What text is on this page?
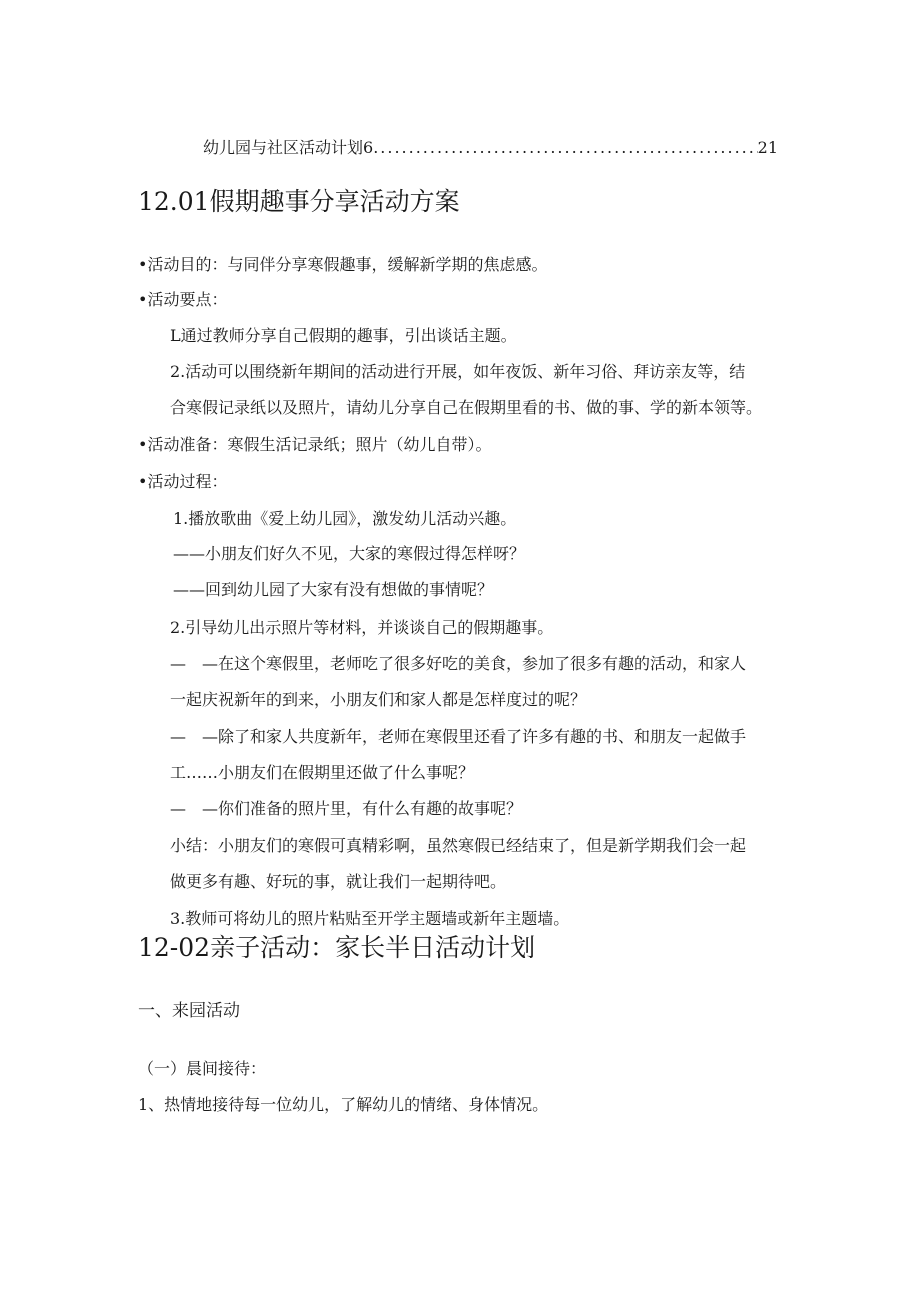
幼儿园与社区活动计划6
.....	21
12.01假期趣事分享活动方案
•活动目的：与同伴分享寒假趣事，缓解新学期的焦虑感。
•活动要点：
L通过教师分享自己假期的趣事，引出谈话主题。
2.活动可以围绕新年期间的活动进行开展，如年夜饭、新年习俗、拜访亲友等，结
合寒假记录纸以及照片，请幼儿分享自己在假期里看的书、做的事、学的新本领等。
•活动准备：寒假生活记录纸；照片（幼儿自带）。
•活动过程：
1.播放歌曲《爱上幼儿园》，激发幼儿活动兴趣。
——小朋友们好久不见，大家的寒假过得怎样呀？
——回到幼儿园了大家有没有想做的事情呢？
2.引导幼儿出示照片等材料，并谈谈自己的假期趣事。
—　—在这个寒假里，老师吃了很多好吃的美食，参加了很多有趣的活动，和家人
一起庆祝新年的到来，小朋友们和家人都是怎样度过的呢？
—　—除了和家人共度新年，老师在寒假里还看了许多有趣的书、和朋友一起做手
工……小朋友们在假期里还做了什么事呢？
—　—你们准备的照片里，有什么有趣的故事呢？
小结：小朋友们的寒假可真精彩啊，虽然寒假已经结束了，但是新学期我们会一起
做更多有趣、好玩的事，就让我们一起期待吧。
3.教师可将幼儿的照片粘贴至开学主题墙或新年主题墙。
12-02亲子活动：家长半日活动计划
一、来园活动
（一）晨间接待：
1、热情地接待每一位幼儿，了解幼儿的情绪、身体情况。
